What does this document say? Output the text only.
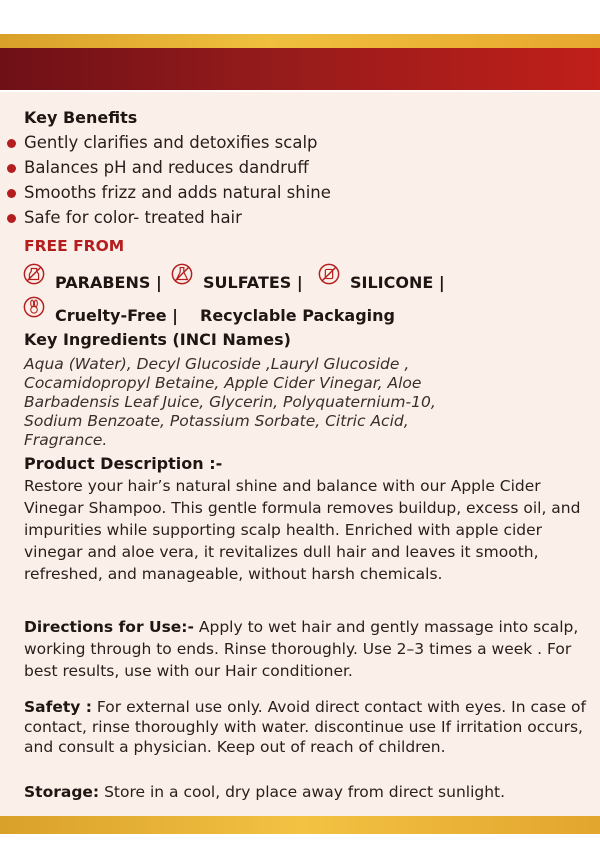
Key Benefits
Gently clarifies and detoxifies scalp
Balances pH and reduces dandruff
Smooths frizz and adds natural shine
Safe for color- treated hair
FREE FROM
PARABENS |	SULFATES |	SILICONE |
Cruelty-Free | Recyclable Packaging
Key Ingredients (INCI Names)
Aqua (Water), Decyl Glucoside ,Lauryl Glucoside ,
Cocamidopropyl Betaine, Apple Cider Vinegar, Aloe
Barbadensis Leaf Juice, Glycerin, Polyquaternium-10,
Sodium Benzoate, Potassium Sorbate, Citric Acid,
Fragrance.
Product Description :-
Restore your hair’s natural shine and balance with our Apple Cider Vinegar Shampoo. This gentle formula removes buildup, excess oil, and impurities while supporting scalp health. Enriched with apple cider vinegar and aloe vera, it revitalizes dull hair and leaves it smooth, refreshed, and manageable, without harsh chemicals.
Directions for Use:- Apply to wet hair and gently massage into scalp, working through to ends. Rinse thoroughly. Use 2–3 times a week . For best results, use with our Hair conditioner.
Safety : For external use only. Avoid direct contact with eyes. In case of contact, rinse thoroughly with water. discontinue use If irritation occurs, and consult a physician. Keep out of reach of children.
Storage: Store in a cool, dry place away from direct sunlight.
